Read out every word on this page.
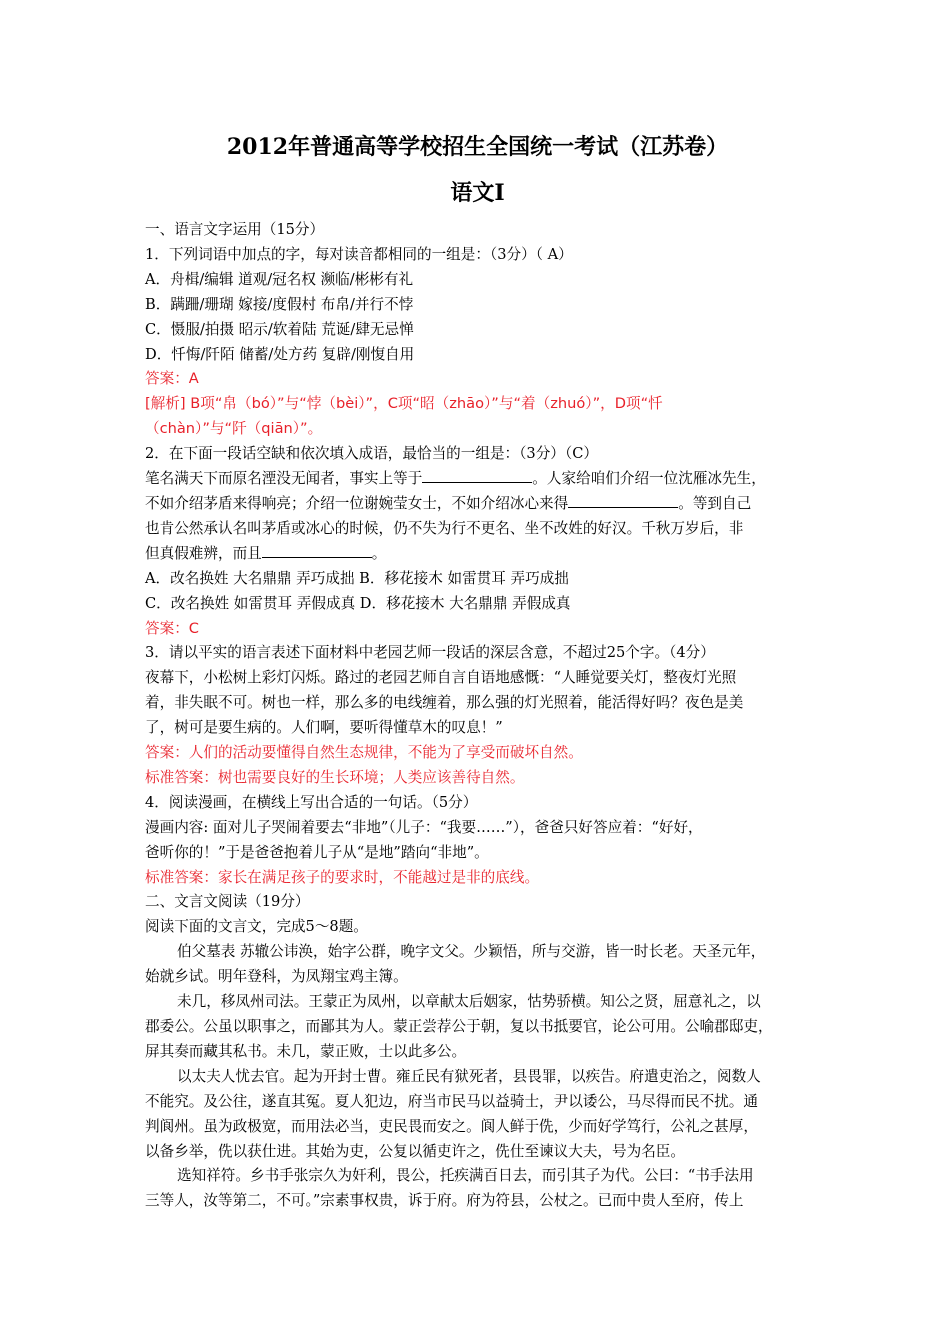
2012年普通高等学校招生全国统一考试（江苏卷）
语文Ⅰ

一、语言文字运用（15分）

1．下列词语中加点的字，每对读音都相同的一组是：（3分）（ A）

A．舟楫/编辑 道观/冠名权 濒临/彬彬有礼

B．蹒跚/珊瑚 嫁接/度假村 布帛/并行不悖

C．慑服/拍摄 昭示/软着陆 荒诞/肆无忌惮

D．忏悔/阡陌 储蓄/处方药 复辟/刚愎自用

答案：A

[解析] B项“帛（bó）”与“悖（bèi）”，C项“昭（zhāo）”与“着（zhuó）”，D项“忏

（chàn）”与“阡（qiān）”。

2．在下面一段话空缺和依次填入成语，最恰当的一组是：（3分）（C）

笔名满天下而原名湮没无闻者，事实上等于	。人家给咱们介绍一位沈雁冰先生，

不如介绍茅盾来得响亮；介绍一位谢婉莹女士，不如介绍冰心来得	。等到自己

也肯公然承认名叫茅盾或冰心的时候，仍不失为行不更名、坐不改姓的好汉。千秋万岁后，非

但真假难辨，而且	。

A．改名换姓 大名鼎鼎 弄巧成拙 B．移花接木 如雷贯耳 弄巧成拙

C．改名换姓 如雷贯耳 弄假成真 D．移花接木 大名鼎鼎 弄假成真

答案：C

3．请以平实的语言表述下面材料中老园艺师一段话的深层含意，不超过25个字。（4分）

夜幕下，小松树上彩灯闪烁。路过的老园艺师自言自语地感慨：“人睡觉要关灯，整夜灯光照

着，非失眠不可。树也一样，那么多的电线缠着，那么强的灯光照着，能活得好吗？夜色是美

了，树可是要生病的。人们啊，要听得懂草木的叹息！”

答案：人们的活动要懂得自然生态规律，不能为了享受而破坏自然。

标准答案：树也需要良好的生长环境；人类应该善待自然。

4．阅读漫画，在横线上写出合适的一句话。（5分）

漫画内容: 面对儿子哭闹着要去“非地”（儿子：“我要……”），爸爸只好答应着：“好好，

爸听你的！”于是爸爸抱着儿子从“是地”踏向“非地”。

标准答案：家长在满足孩子的要求时，不能越过是非的底线。

二、文言文阅读（19分）

阅读下面的文言文，完成5～8题。

伯父墓表 苏辙公讳涣，始字公群，晚字文父。少颖悟，所与交游，皆一时长老。天圣元年，

始就乡试。明年登科，为凤翔宝鸡主簿。

未几，移凤州司法。王蒙正为凤州，以章献太后姻家，怙势骄横。知公之贤，屈意礼之，以

郡委公。公虽以职事之，而鄙其为人。蒙正尝荐公于朝，复以书抵要官，论公可用。公喻郡邸吏，

屏其奏而藏其私书。未几，蒙正败，士以此多公。

以太夫人忧去官。起为开封士曹。雍丘民有狱死者，县畏罪，以疾告。府遣吏治之，阅数人

不能究。及公往，遂直其冤。夏人犯边，府当市民马以益骑士，尹以诿公，马尽得而民不扰。通

判阆州。虽为政极宽，而用法必当，吏民畏而安之。阆人鲜于侁，少而好学笃行，公礼之甚厚，

以备乡举，侁以获仕进。其始为吏，公复以循吏许之，侁仕至谏议大夫，号为名臣。

选知祥符。乡书手张宗久为奸利，畏公，托疾满百日去，而引其子为代。公曰：“书手法用

三等人，汝等第二，不可。”宗素事权贵，诉于府。府为符县，公杖之。已而中贵人至府，传上
